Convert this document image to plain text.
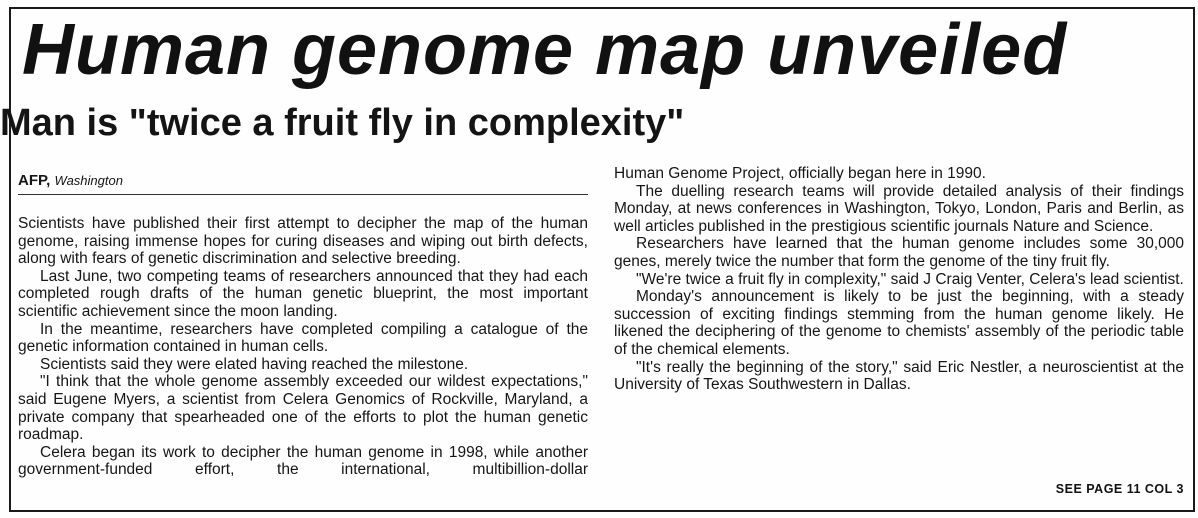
Human genome map unveiled
Man is "twice a fruit fly in complexity"
AFP, Washington

Scientists have published their first attempt to decipher the map of the human genome, raising immense hopes for curing diseases and wiping out birth defects, along with fears of genetic discrimination and selective breeding.

Last June, two competing teams of researchers announced that they had each completed rough drafts of the human genetic blueprint, the most important scientific achievement since the moon landing.

In the meantime, researchers have completed compiling a catalogue of the genetic information contained in human cells.

Scientists said they were elated having reached the milestone.

"I think that the whole genome assembly exceeded our wildest expectations," said Eugene Myers, a scientist from Celera Genomics of Rockville, Maryland, a private company that spearheaded one of the efforts to plot the human genetic roadmap.

Celera began its work to decipher the human genome in 1998, while another government-funded effort, the international, multibillion-dollar

Human Genome Project, officially began here in 1990.

The duelling research teams will provide detailed analysis of their findings Monday, at news conferences in Washington, Tokyo, London, Paris and Berlin, as well articles published in the prestigious scientific journals Nature and Science.

Researchers have learned that the human genome includes some 30,000 genes, merely twice the number that form the genome of the tiny fruit fly.

"We're twice a fruit fly in complexity," said J Craig Venter, Celera's lead scientist.

Monday's announcement is likely to be just the beginning, with a steady succession of exciting findings stemming from the human genome likely. He likened the deciphering of the genome to chemists' assembly of the periodic table of the chemical elements.

"It's really the beginning of the story," said Eric Nestler, a neuroscientist at the University of Texas Southwestern in Dallas.

SEE PAGE 11 COL 3
